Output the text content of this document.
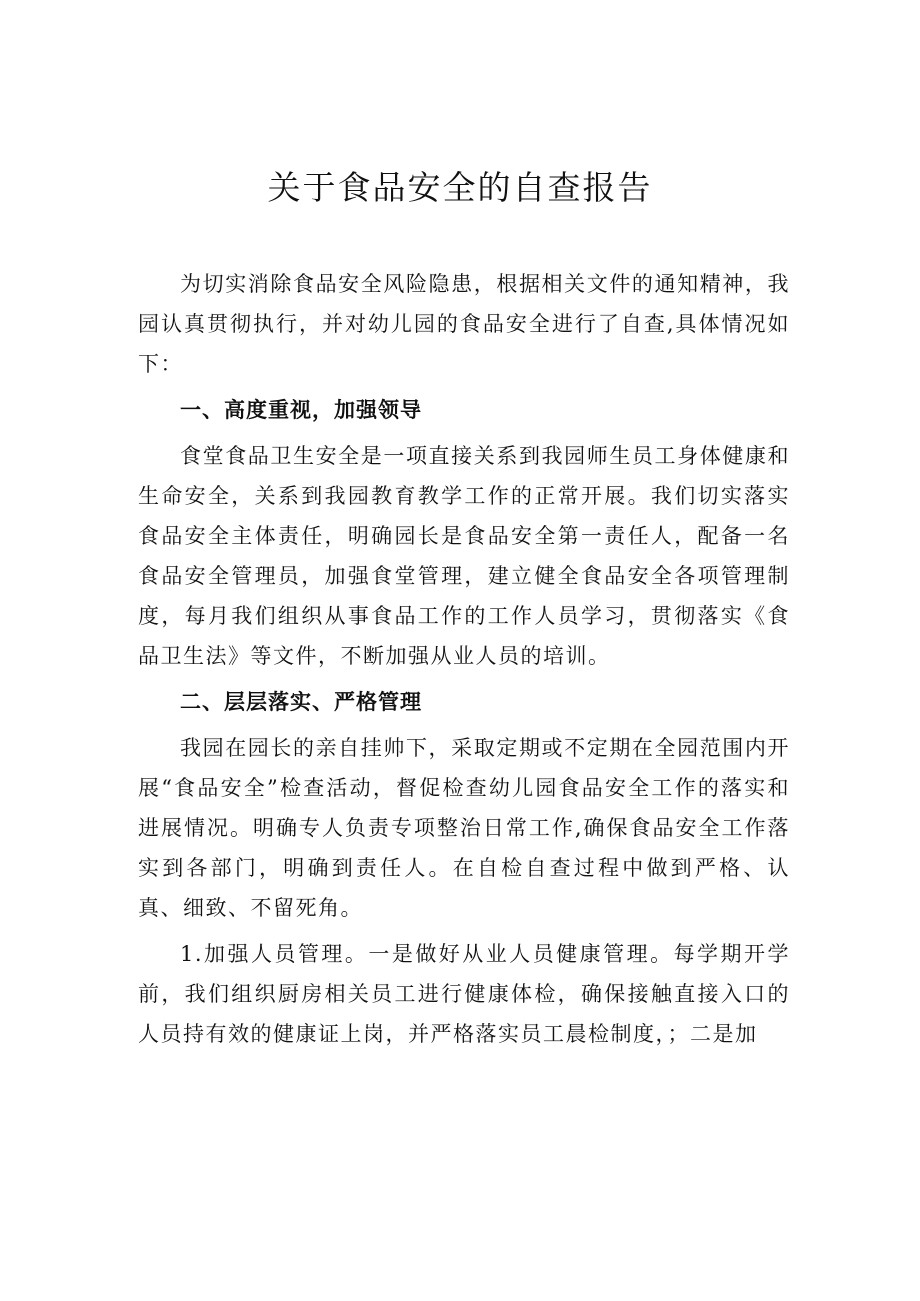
关于食品安全的自查报告

为切实消除食品安全风险隐患，根据相关文件的通知精神，我园认真贯彻执行，并对幼儿园的食品安全进行了自查,具体情况如下：

一、高度重视，加强领导

食堂食品卫生安全是一项直接关系到我园师生员工身体健康和生命安全，关系到我园教育教学工作的正常开展。我们切实落实食品安全主体责任，明确园长是食品安全第一责任人，配备一名食品安全管理员，加强食堂管理，建立健全食品安全各项管理制度，每月我们组织从事食品工作的工作人员学习，贯彻落实《食品卫生法》等文件，不断加强从业人员的培训。

二、层层落实、严格管理

我园在园长的亲自挂帅下，采取定期或不定期在全园范围内开展“食品安全”检查活动，督促检查幼儿园食品安全工作的落实和进展情况。明确专人负责专项整治日常工作,确保食品安全工作落实到各部门，明确到责任人。在自检自查过程中做到严格、认真、细致、不留死角。

1.加强人员管理。一是做好从业人员健康管理。每学期开学前，我们组织厨房相关员工进行健康体检，确保接触直接入口的人员持有效的健康证上岗，并严格落实员工晨检制度，；二是加
